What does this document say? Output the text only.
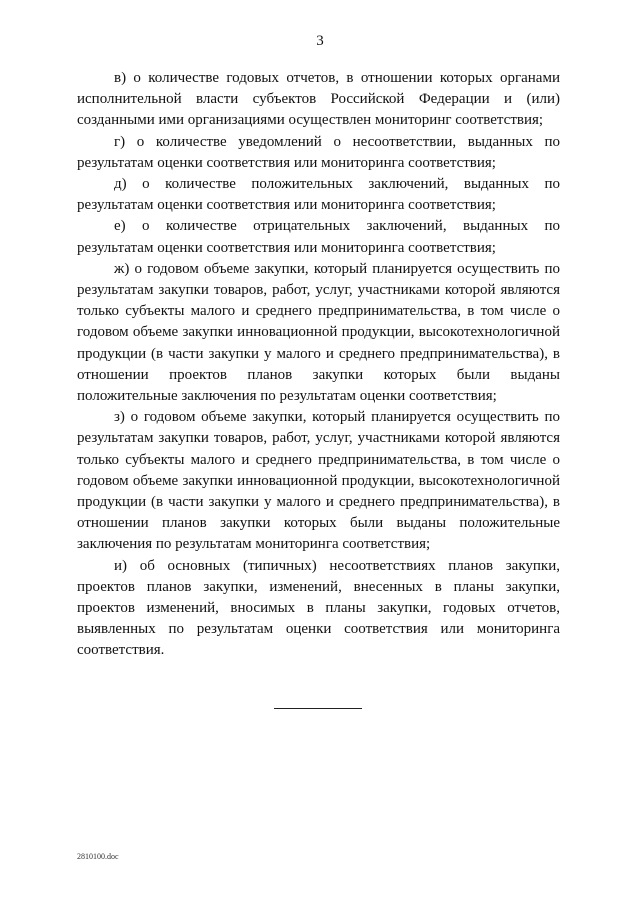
3

в) о количестве годовых отчетов, в отношении которых органами исполнительной власти субъектов Российской Федерации и (или) созданными ими организациями осуществлен мониторинг соответствия;

г) о количестве уведомлений о несоответствии, выданных по результатам оценки соответствия или мониторинга соответствия;

д) о количестве положительных заключений, выданных по результатам оценки соответствия или мониторинга соответствия;

е) о количестве отрицательных заключений, выданных по результатам оценки соответствия или мониторинга соответствия;

ж) о годовом объеме закупки, который планируется осуществить по результатам закупки товаров, работ, услуг, участниками которой являются только субъекты малого и среднего предпринимательства, в том числе о годовом объеме закупки инновационной продукции, высокотехнологичной продукции (в части закупки у малого и среднего предпринимательства), в отношении проектов планов закупки которых были выданы положительные заключения по результатам оценки соответствия;

з) о годовом объеме закупки, который планируется осуществить по результатам закупки товаров, работ, услуг, участниками которой являются только субъекты малого и среднего предпринимательства, в том числе о годовом объеме закупки инновационной продукции, высокотехнологичной продукции (в части закупки у малого и среднего предпринимательства), в отношении планов закупки которых были выданы положительные заключения по результатам мониторинга соответствия;

и) об основных (типичных) несоответствиях планов закупки, проектов планов закупки, изменений, внесенных в планы закупки, проектов изменений, вносимых в планы закупки, годовых отчетов, выявленных по результатам оценки соответствия или мониторинга соответствия.

2810100.doc
